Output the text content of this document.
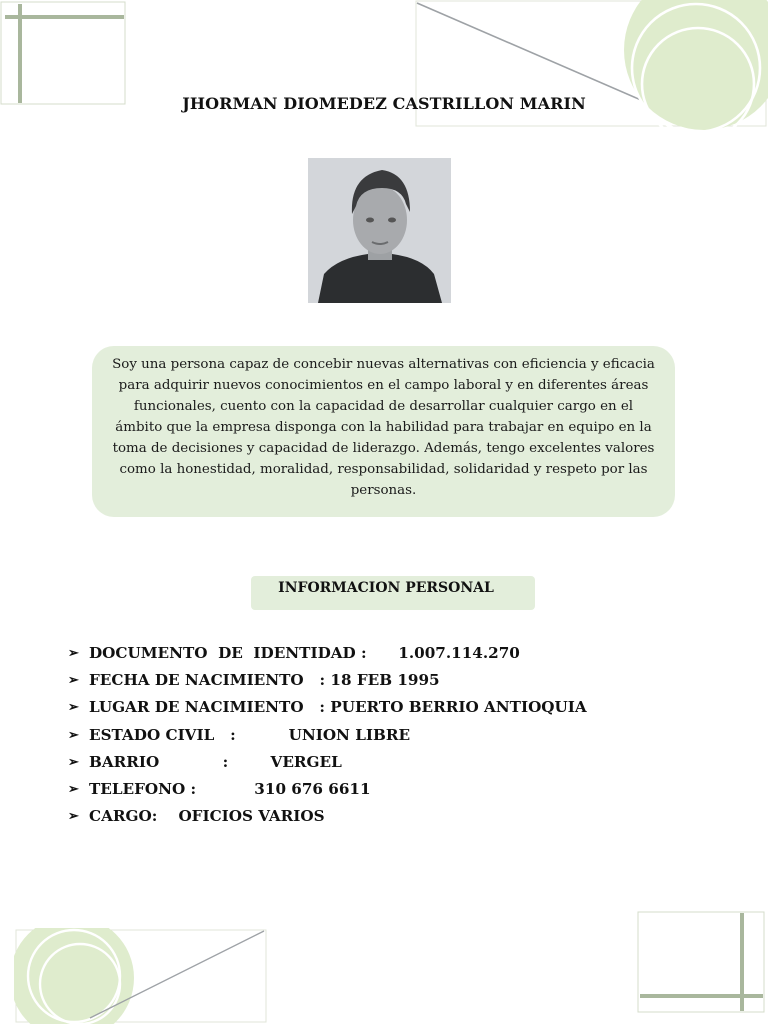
JHORMAN DIOMEDEZ CASTRILLON MARIN
Soy una persona capaz de concebir nuevas alternativas con eficiencia y eficacia
para adquirir nuevos conocimientos en el campo laboral y en diferentes áreas
funcionales, cuento con la capacidad de desarrollar cualquier cargo en el
ámbito que la empresa disponga con la habilidad para trabajar en equipo en la
toma de decisiones y capacidad de liderazgo. Además, tengo excelentes valores
como la honestidad, moralidad, responsabilidad, solidaridad y respeto por las
personas.
INFORMACION PERSONAL
➢ DOCUMENTO  DE  IDENTIDAD :      1.007.114.270
➢ FECHA DE NACIMIENTO   : 18 FEB 1995
➢ LUGAR DE NACIMIENTO   : PUERTO BERRIO ANTIOQUIA
➢ ESTADO CIVIL   :          UNION LIBRE
➢ BARRIO            :        VERGEL
➢ TELEFONO :           310 676 6611
➢ CARGO:    OFICIOS VARIOS
